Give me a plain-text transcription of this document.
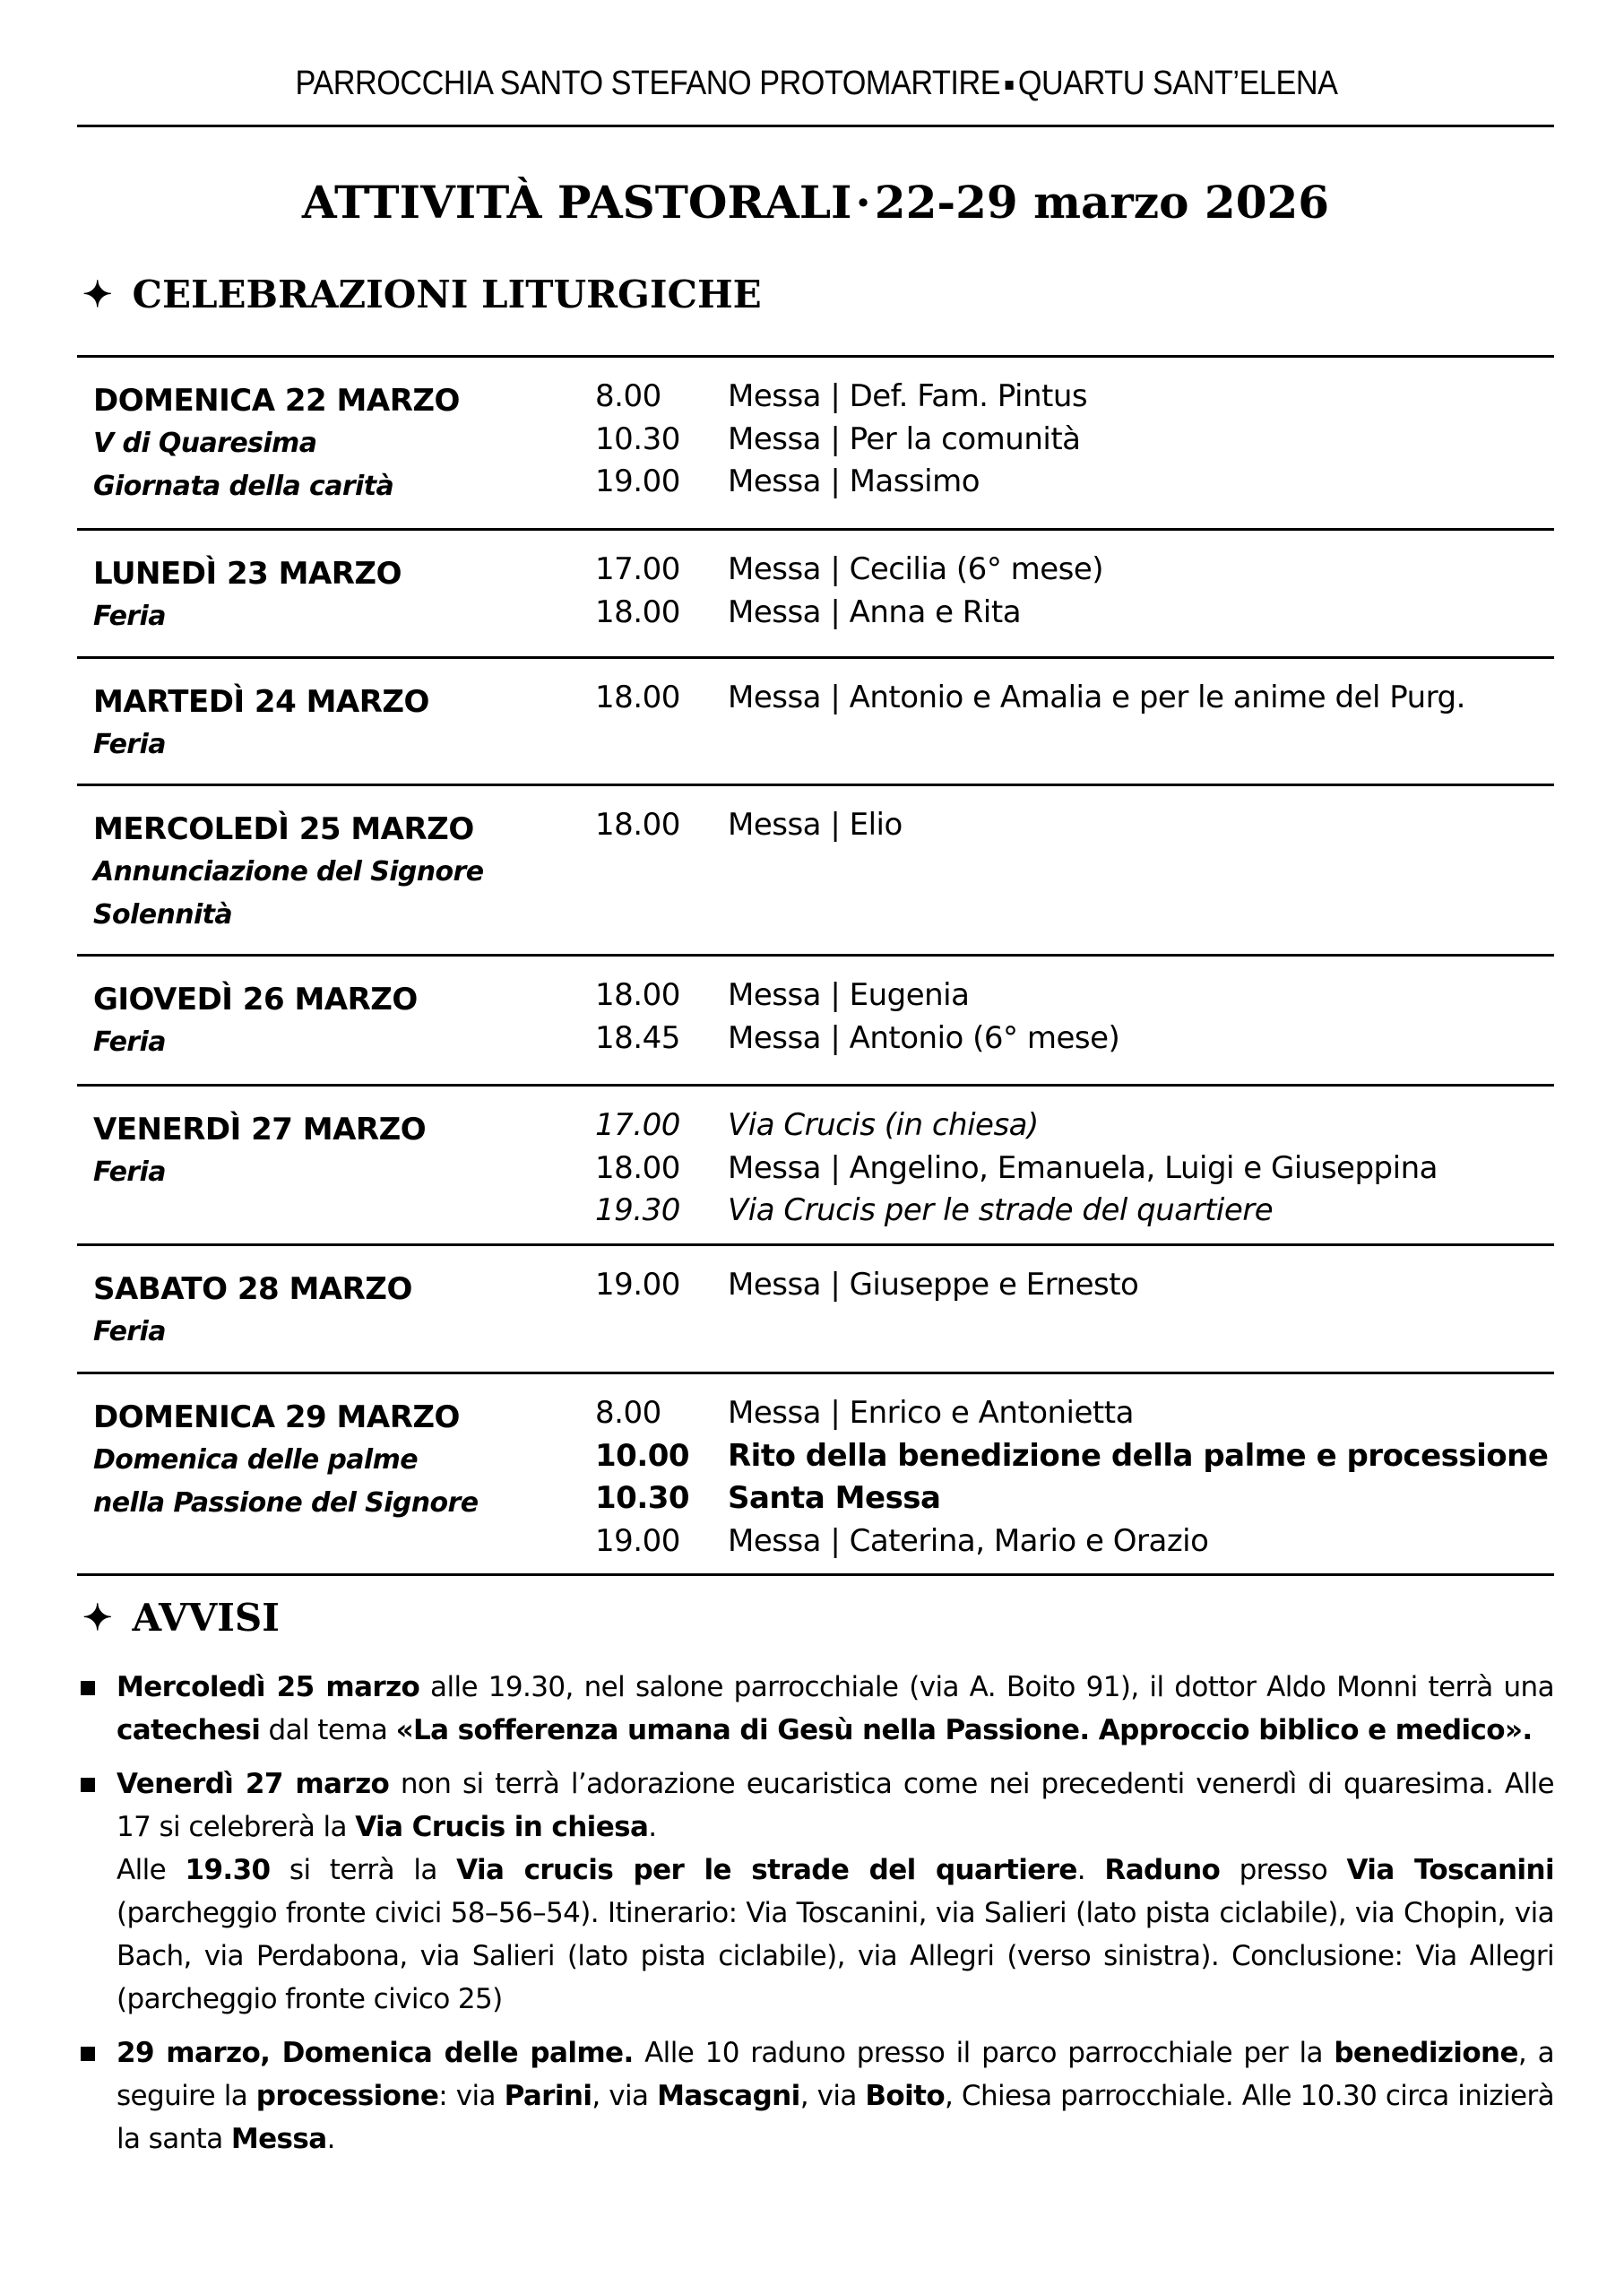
PARROCCHIA SANTO STEFANO PROTOMARTIRE QUARTU SANT’ELENA
ATTIVITÀ PASTORALI·22-29 marzo 2026
✦ CELEBRAZIONI LITURGICHE
DOMENICA 22 MARZO
V di Quaresima
Giornata della carità
8.00	Messa | Def. Fam. Pintus
10.30	Messa | Per la comunità
19.00	Messa | Massimo
LUNEDÌ 23 MARZO
Feria
17.00	Messa | Cecilia (6° mese)
18.00	Messa | Anna e Rita
MARTEDÌ 24 MARZO
Feria
18.00	Messa | Antonio e Amalia e per le anime del Purg.
MERCOLEDÌ 25 MARZO
Annunciazione del Signore
Solennità
18.00	Messa | Elio
GIOVEDÌ 26 MARZO
Feria
18.00	Messa | Eugenia
18.45	Messa | Antonio (6° mese)
VENERDÌ 27 MARZO
Feria
17.00	Via Crucis (in chiesa)
18.00	Messa | Angelino, Emanuela, Luigi e Giuseppina
19.30	Via Crucis per le strade del quartiere
SABATO 28 MARZO
Feria
19.00	Messa | Giuseppe e Ernesto
DOMENICA 29 MARZO
Domenica delle palme
nella Passione del Signore
8.00	Messa | Enrico e Antonietta
10.00	Rito della benedizione della palme e processione
10.30	Santa Messa
19.00	Messa | Caterina, Mario e Orazio
✦ AVVISI

Mercoledì 25 marzo alle 19.30, nel salone parrocchiale (via A. Boito 91), il dottor Aldo Monni terrà una catechesi dal tema «La sofferenza umana di Gesù nella Passione. Approccio biblico e medico».

Venerdì 27 marzo non si terrà l’adorazione eucaristica come nei precedenti venerdì di quaresima. Alle 17 si celebrerà la Via Crucis in chiesa.

Alle 19.30 si terrà la Via crucis per le strade del quartiere. Raduno presso Via Toscanini (parcheggio fronte civici 58–56–54). Itinerario: Via Toscanini, via Salieri (lato pista ciclabile), via Chopin, via Bach, via Perdabona, via Salieri (lato pista ciclabile), via Allegri (verso sinistra). Conclusione: Via Allegri (parcheggio fronte civico 25)

29 marzo, Domenica delle palme. Alle 10 raduno presso il parco parrocchiale per la benedizione, a seguire la processione: via Parini, via Mascagni, via Boito, Chiesa parrocchiale. Alle 10.30 circa inizierà la santa Messa.
